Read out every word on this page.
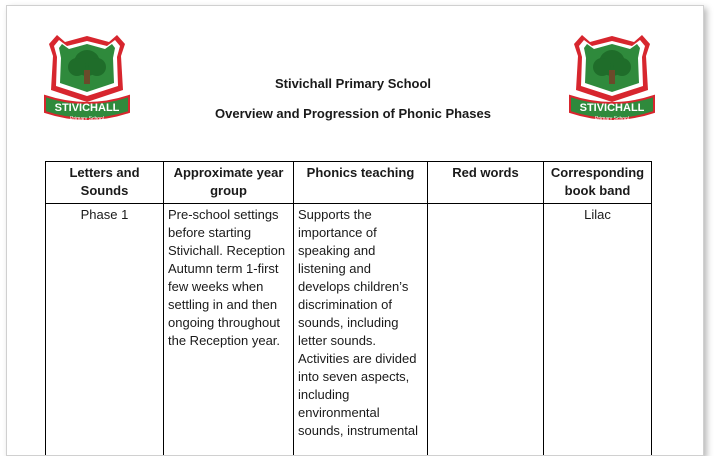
STIVICHALL
Primary School
STIVICHALL
Primary School
Stivichall Primary School
Overview and Progression of Phonic Phases
Letters and Sounds	Approximate year group	Phonics teaching	Red words	Corresponding book band
Phase 1	Pre-school settings before starting Stivichall. Reception Autumn term 1-first few weeks when settling in and then ongoing throughout the Reception year.	Supports the importance of speaking and listening and develops children’s discrimination of sounds, including letter sounds. Activities are divided into seven aspects, including environmental sounds, instrumental		Lilac
